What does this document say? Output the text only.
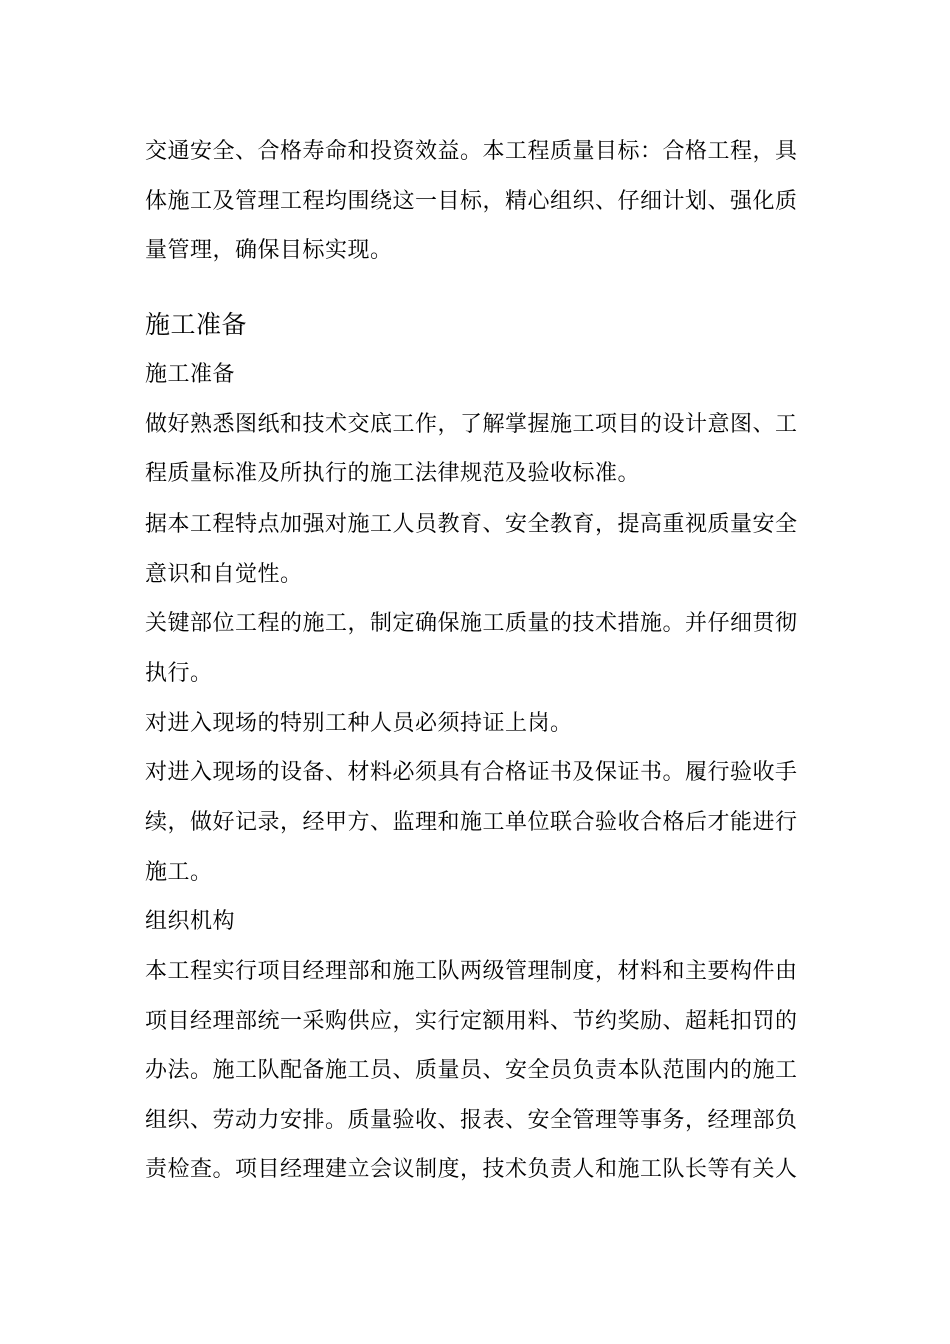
交通安全、合格寿命和投资效益。本工程质量目标：合格工程，具
体施工及管理工程均围绕这一目标，精心组织、仔细计划、强化质
量管理，确保目标实现。
施工准备
施工准备
做好熟悉图纸和技术交底工作，了解掌握施工项目的设计意图、工
程质量标准及所执行的施工法律规范及验收标准。
据本工程特点加强对施工人员教育、安全教育，提高重视质量安全
意识和自觉性。
关键部位工程的施工，制定确保施工质量的技术措施。并仔细贯彻
执行。
对进入现场的特别工种人员必须持证上岗。
对进入现场的设备、材料必须具有合格证书及保证书。履行验收手
续，做好记录，经甲方、监理和施工单位联合验收合格后才能进行
施工。
组织机构
本工程实行项目经理部和施工队两级管理制度，材料和主要构件由
项目经理部统一采购供应，实行定额用料、节约奖励、超耗扣罚的
办法。施工队配备施工员、质量员、安全员负责本队范围内的施工
组织、劳动力安排。质量验收、报表、安全管理等事务，经理部负
责检查。项目经理建立会议制度，技术负责人和施工队长等有关人
